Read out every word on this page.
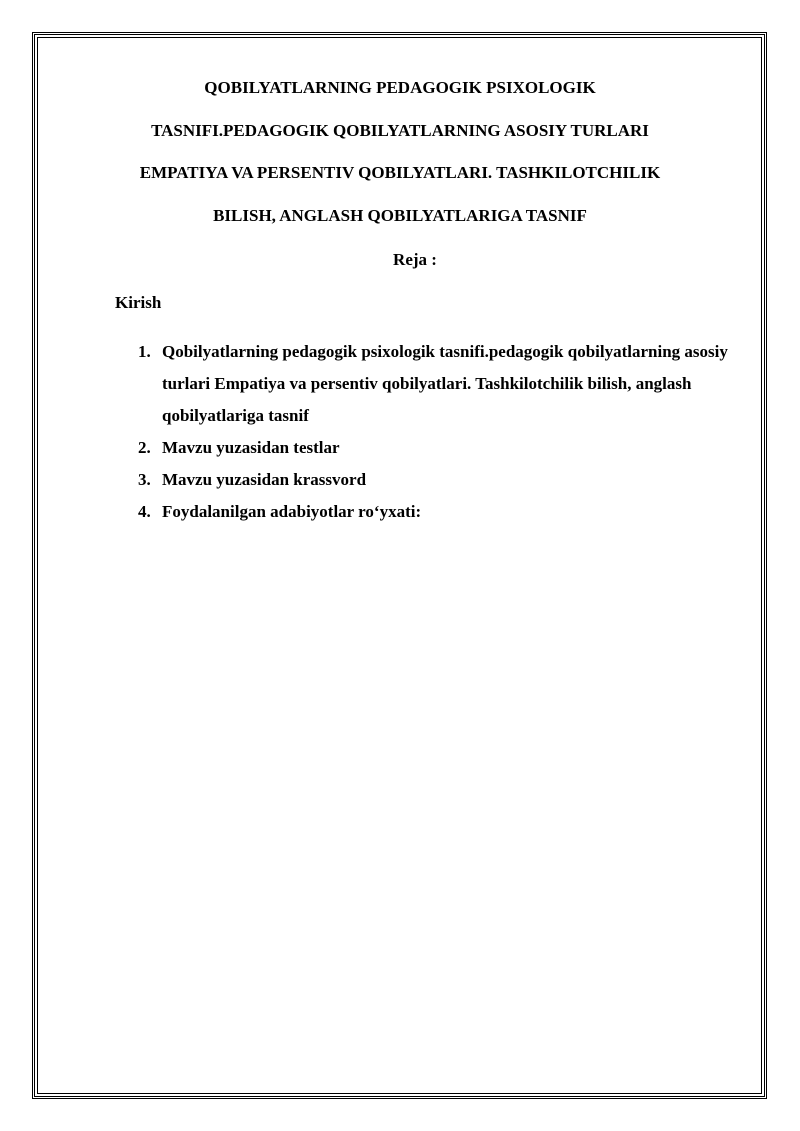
QOBILYATLARNING PEDAGOGIK PSIXOLOGIK
TASNIFI.PEDAGOGIK QOBILYATLARNING ASOSIY TURLARI
EMPATIYA VA PERSENTIV QOBILYATLARI. TASHKILOTCHILIK
BILISH, ANGLASH QOBILYATLARIGA TASNIF
Reja :
Kirish
1. Qobilyatlarning pedagogik psixologik tasnifi.pedagogik qobilyatlarning asosiy turlari Empatiya va persentiv qobilyatlari. Tashkilotchilik bilish, anglash qobilyatlariga tasnif
2. Mavzu yuzasidan testlar
3. Mavzu yuzasidan krassvord
4. Foydalanilgan adabiyotlar ro‘yxati:
